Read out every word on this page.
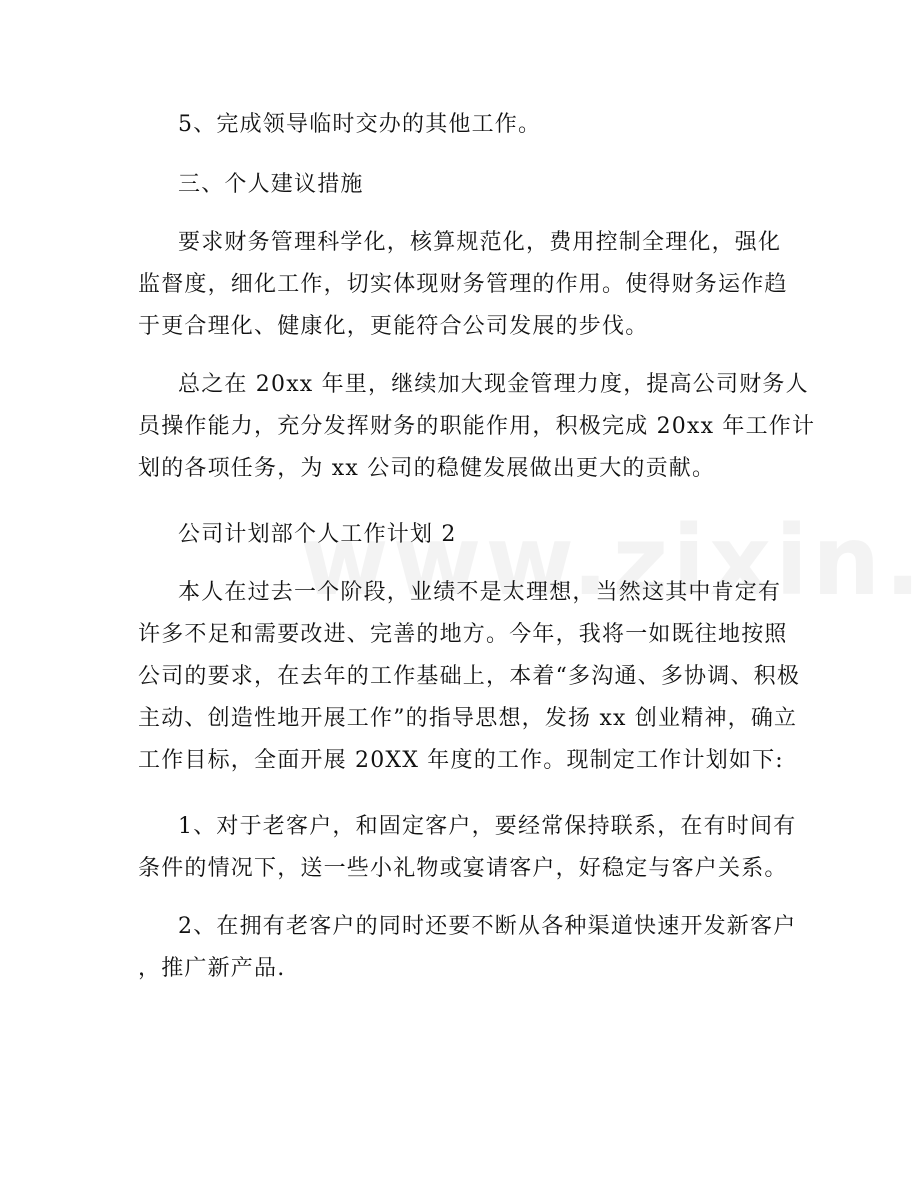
5、完成领导临时交办的其他工作。
三、个人建议措施
要求财务管理科学化，核算规范化，费用控制全理化，强化
监督度，细化工作，切实体现财务管理的作用。使得财务运作趋
于更合理化、健康化，更能符合公司发展的步伐。
总之在 20xx 年里，继续加大现金管理力度，提高公司财务人
员操作能力，充分发挥财务的职能作用，积极完成 20xx 年工作计
划的各项任务，为 xx 公司的稳健发展做出更大的贡献。
公司计划部个人工作计划 2
本人在过去一个阶段，业绩不是太理想，当然这其中肯定有
许多不足和需要改进、完善的地方。今年，我将一如既往地按照
公司的要求，在去年的工作基础上，本着“多沟通、多协调、积极
主动、创造性地开展工作”的指导思想，发扬 xx 创业精神，确立
工作目标，全面开展 20XX 年度的工作。现制定工作计划如下:
1、对于老客户，和固定客户，要经常保持联系，在有时间有
条件的情况下，送一些小礼物或宴请客户，好稳定与客户关系。
2、在拥有老客户的同时还要不断从各种渠道快速开发新客户
，推广新产品.
